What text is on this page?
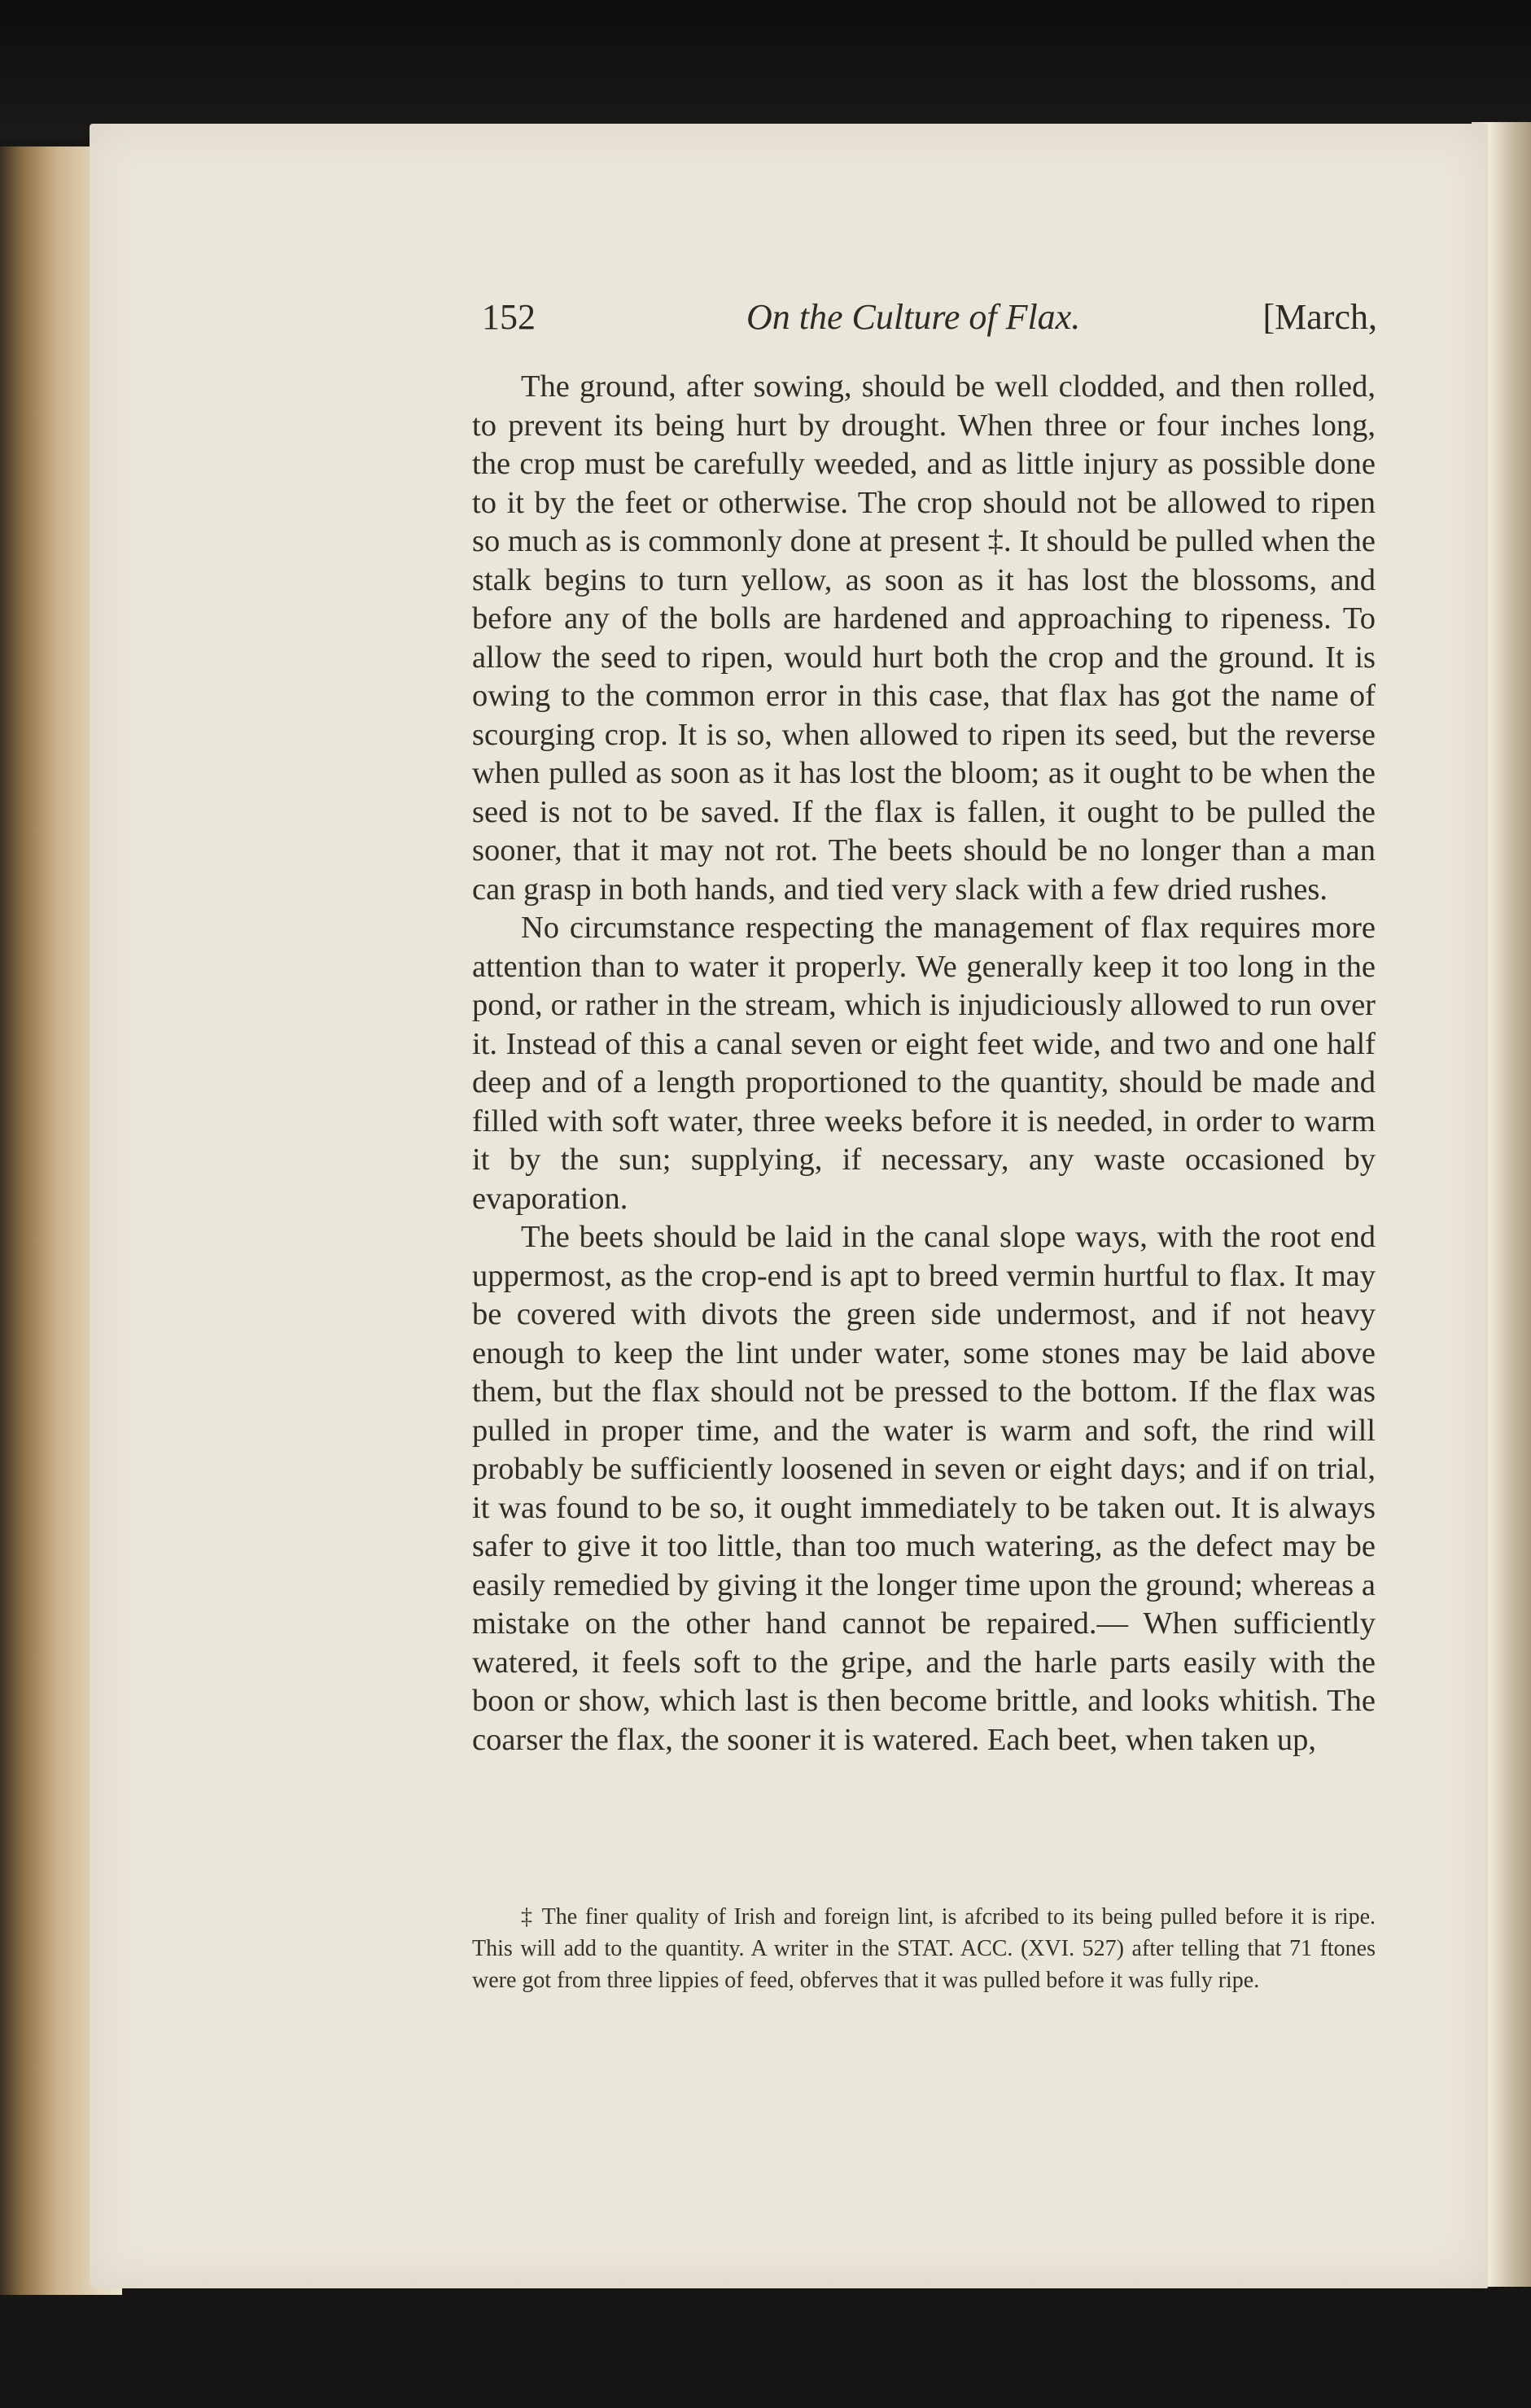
152	On the Culture of Flax.	[March,

The ground, after sowing, should be well clodded, and then rolled, to prevent its being hurt by drought. When three or four inches long, the crop must be carefully weeded, and as little injury as possible done to it by the feet or otherwise. The crop should not be allowed to ripen so much as is commonly done at present ‡. It should be pulled when the stalk begins to turn yellow, as soon as it has lost the blossoms, and before any of the bolls are hardened and approaching to ripeness. To allow the seed to ripen, would hurt both the crop and the ground. It is owing to the common error in this case, that flax has got the name of scourging crop. It is so, when allowed to ripen its seed, but the reverse when pulled as soon as it has lost the bloom; as it ought to be when the seed is not to be saved. If the flax is fallen, it ought to be pulled the sooner, that it may not rot. The beets should be no longer than a man can grasp in both hands, and tied very slack with a few dried rushes.

No circumstance respecting the management of flax requires more attention than to water it properly. We generally keep it too long in the pond, or rather in the stream, which is injudiciously allowed to run over it. Instead of this a canal seven or eight feet wide, and two and one half deep and of a length proportioned to the quantity, should be made and filled with soft water, three weeks before it is needed, in order to warm it by the sun; supplying, if necessary, any waste occasioned by evaporation.

The beets should be laid in the canal slope ways, with the root end uppermost, as the crop-end is apt to breed vermin hurtful to flax. It may be covered with divots the green side undermost, and if not heavy enough to keep the lint under water, some stones may be laid above them, but the flax should not be pressed to the bottom. If the flax was pulled in proper time, and the water is warm and soft, the rind will probably be sufficiently loosened in seven or eight days; and if on trial, it was found to be so, it ought immediately to be taken out. It is always safer to give it too little, than too much watering, as the defect may be easily remedied by giving it the longer time upon the ground; whereas a mistake on the other hand cannot be repaired.— When sufficiently watered, it feels soft to the gripe, and the harle parts easily with the boon or show, which last is then become brittle, and looks whitish. The coarser the flax, the sooner it is watered. Each beet, when taken up,

‡ The finer quality of Irish and foreign lint, is afcribed to its being pulled before it is ripe. This will add to the quantity. A writer in the STAT. ACC. (XVI. 527) after telling that 71 ftones were got from three lippies of feed, obferves that it was pulled before it was fully ripe.
